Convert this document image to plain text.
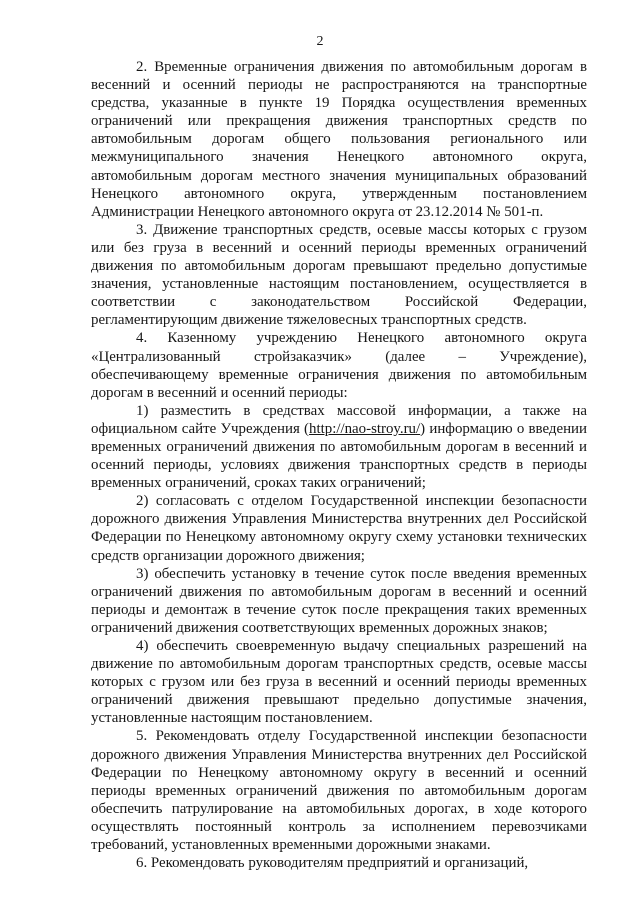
2

2. Временные ограничения движения по автомобильным дорогам в весенний и осенний периоды не распространяются на транспортные средства, указанные в пункте 19 Порядка осуществления временных ограничений или прекращения движения транспортных средств по автомобильным дорогам общего пользования регионального или межмуниципального значения Ненецкого автономного округа, автомобильным дорогам местного значения муниципальных образований Ненецкого автономного округа, утвержденным постановлением Администрации Ненецкого автономного округа от 23.12.2014 № 501-п.

3. Движение транспортных средств, осевые массы которых с грузом или без груза в весенний и осенний периоды временных ограничений движения по автомобильным дорогам превышают предельно допустимые значения, установленные настоящим постановлением, осуществляется в соответствии с законодательством Российской Федерации, регламентирующим движение тяжеловесных транспортных средств.

4. Казенному учреждению Ненецкого автономного округа «Централизованный стройзаказчик» (далее – Учреждение), обеспечивающему временные ограничения движения по автомобильным дорогам в весенний и осенний периоды:

1) разместить в средствах массовой информации, а также на официальном сайте Учреждения (http://nao-stroy.ru/) информацию о введении временных ограничений движения по автомобильным дорогам в весенний и осенний периоды, условиях движения транспортных средств в периоды временных ограничений, сроках таких ограничений;

2) согласовать с отделом Государственной инспекции безопасности дорожного движения Управления Министерства внутренних дел Российской Федерации по Ненецкому автономному округу схему установки технических средств организации дорожного движения;

3) обеспечить установку в течение суток после введения временных ограничений движения по автомобильным дорогам в весенний и осенний периоды и демонтаж в течение суток после прекращения таких временных ограничений движения соответствующих временных дорожных знаков;

4) обеспечить своевременную выдачу специальных разрешений на движение по автомобильным дорогам транспортных средств, осевые массы которых с грузом или без груза в весенний и осенний периоды временных ограничений движения превышают предельно допустимые значения, установленные настоящим постановлением.

5. Рекомендовать отделу Государственной инспекции безопасности дорожного движения Управления Министерства внутренних дел Российской Федерации по Ненецкому автономному округу в весенний и осенний периоды временных ограничений движения по автомобильным дорогам обеспечить патрулирование на автомобильных дорогах, в ходе которого осуществлять постоянный контроль за исполнением перевозчиками требований, установленных временными дорожными знаками.

6. Рекомендовать руководителям предприятий и организаций,
